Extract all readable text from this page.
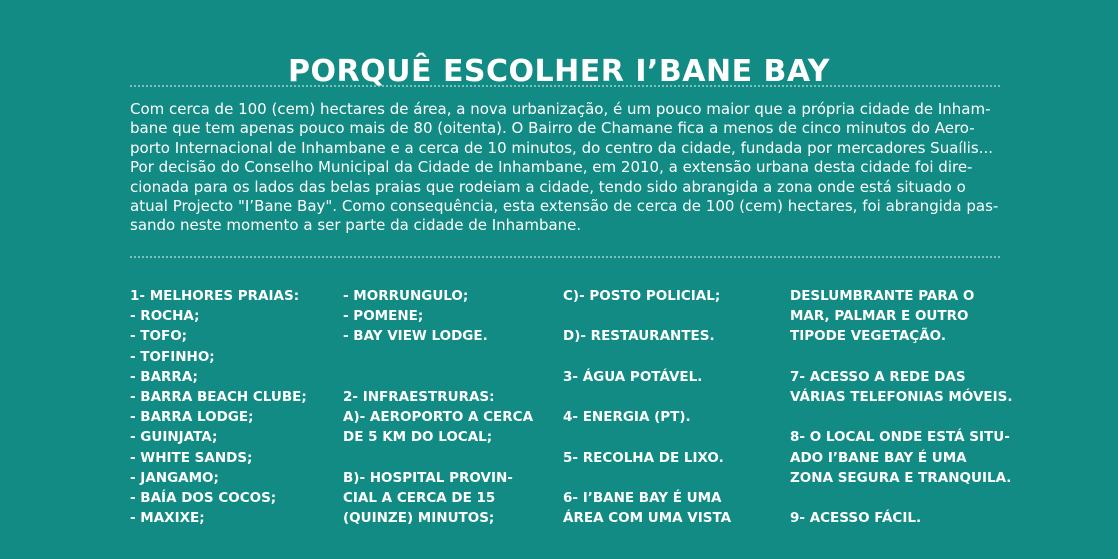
PORQUÊ ESCOLHER I’BANE BAY

Com cerca de 100 (cem) hectares de área, a nova urbanização, é um pouco maior que a própria cidade de Inham-
bane que tem apenas pouco mais de 80 (oitenta). O Bairro de Chamane fica a menos de cinco minutos do Aero-
porto Internacional de Inhambane e a cerca de 10 minutos, do centro da cidade, fundada por mercadores Suaílis...
Por decisão do Conselho Municipal da Cidade de Inhambane, em 2010, a extensão urbana desta cidade foi dire-
cionada para os lados das belas praias que rodeiam a cidade, tendo sido abrangida a zona onde está situado o
atual Projecto "I’Bane Bay". Como consequência, esta extensão de cerca de 100 (cem) hectares, foi abrangida pas-
sando neste momento a ser parte da cidade de Inhambane.

1- MELHORES PRAIAS:
- ROCHA;
- TOFO;
- TOFINHO;
- BARRA;
- BARRA BEACH CLUBE;
- BARRA LODGE;
- GUINJATA;
- WHITE SANDS;
- JANGAMO;
- BAÍA DOS COCOS;
- MAXIXE;
- MORRUNGULO;
- POMENE;
- BAY VIEW LODGE.
2- INFRAESTRURAS:
A)- AEROPORTO A CERCA
DE 5 KM DO LOCAL;
B)- HOSPITAL PROVIN-
CIAL A CERCA DE 15
(QUINZE) MINUTOS;
C)- POSTO POLICIAL;
D)- RESTAURANTES.
3- ÁGUA POTÁVEL.
4- ENERGIA (PT).
5- RECOLHA DE LIXO.
6- I’BANE BAY É UMA
ÁREA COM UMA VISTA
DESLUMBRANTE PARA O
MAR, PALMAR E OUTRO
TIPODE VEGETAÇÃO.
7- ACESSO A REDE DAS
VÁRIAS TELEFONIAS MÓVEIS.
8- O LOCAL ONDE ESTÁ SITU-
ADO I’BANE BAY É UMA
ZONA SEGURA E TRANQUILA.
9- ACESSO FÁCIL.
